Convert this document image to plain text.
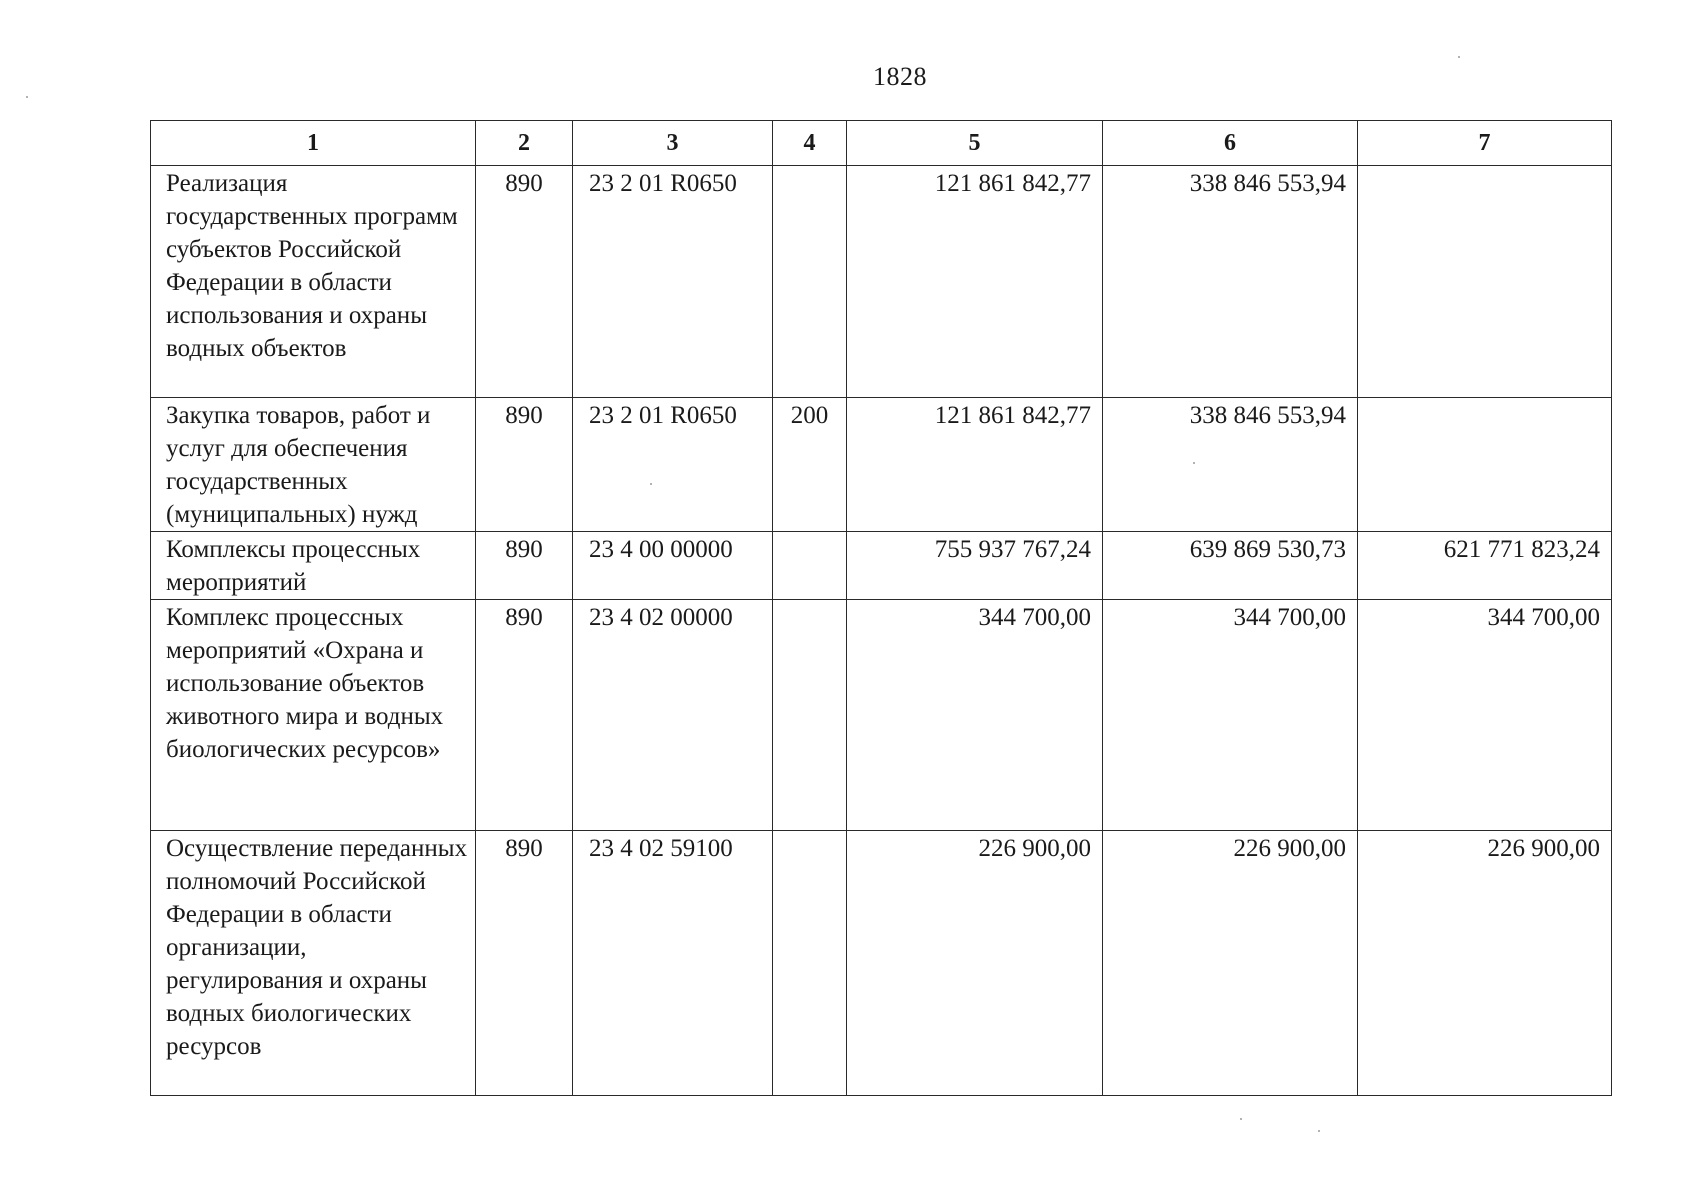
1828
1	2	3	4	5	6	7
Реализация государственных программ субъектов Российской Федерации в области использования и охраны водных объектов	890	23 2 01 R0650		121 861 842,77	338 846 553,94	
Закупка товаров, работ и услуг для обеспечения государственных (муниципальных) нужд	890	23 2 01 R0650	200	121 861 842,77	338 846 553,94	
Комплексы процессных мероприятий	890	23 4 00 00000		755 937 767,24	639 869 530,73	621 771 823,24
Комплекс процессных мероприятий «Охрана и использование объектов животного мира и водных биологических ресурсов»	890	23 4 02 00000		344 700,00	344 700,00	344 700,00
Осуществление переданных полномочий Российской Федерации в области организации, регулирования и охраны водных биологических ресурсов	890	23 4 02 59100		226 900,00	226 900,00	226 900,00
